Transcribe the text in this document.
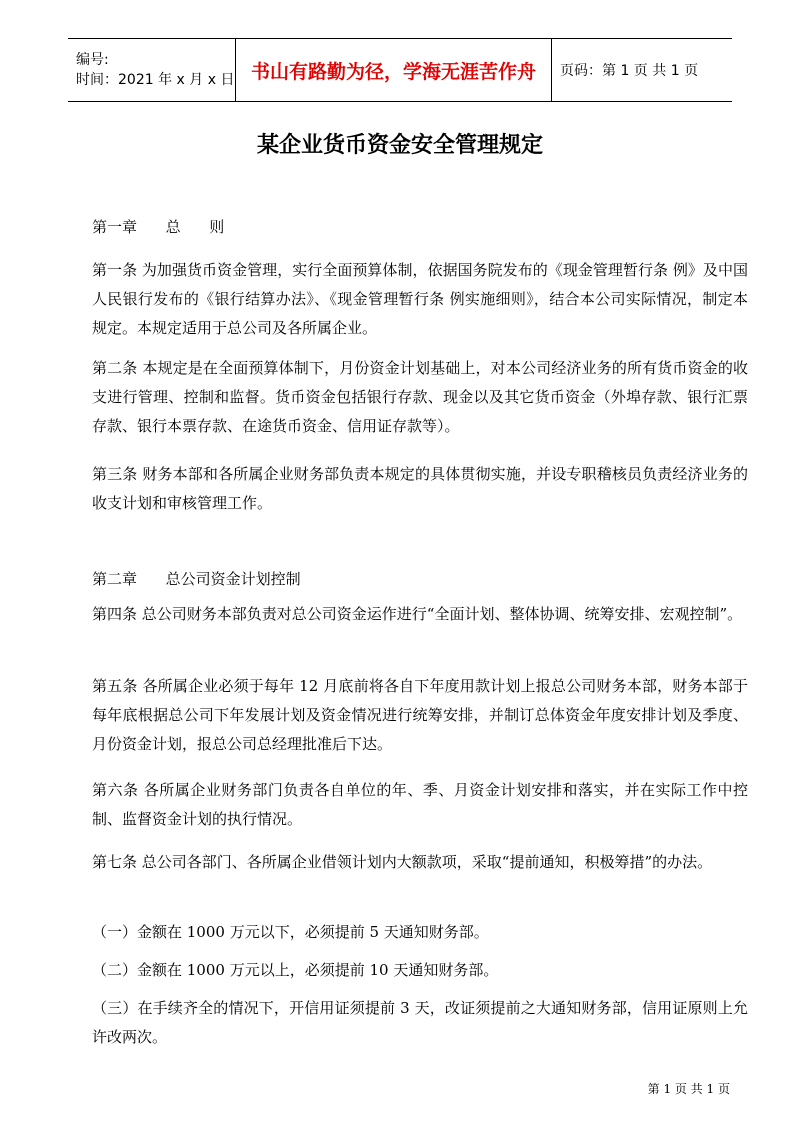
编号:
时间：2021 年 x 月 x 日 书山有路勤为径，学海无涯苦作舟	页码：第 1 页 共 1 页
某企业货币资金安全管理规定
第一章      总      则

第一条 为加强货币资金管理，实行全面预算体制，依据国务院发布的《现金管理暂行条 例》及中国人民银行发布的《银行结算办法》、《现金管理暂行条 例实施细则》，结合本公司实际情况，制定本规定。本规定适用于总公司及各所属企业。

第二条 本规定是在全面预算体制下，月份资金计划基础上，对本公司经济业务的所有货币资金的收支进行管理、控制和监督。货币资金包括银行存款、现金以及其它货币资金（外埠存款、银行汇票存款、银行本票存款、在途货币资金、信用证存款等）。

第三条 财务本部和各所属企业财务部负责本规定的具体贯彻实施，并设专职稽核员负责经济业务的收支计划和审核管理工作。

第二章      总公司资金计划控制

第四条 总公司财务本部负责对总公司资金运作进行“全面计划、整体协调、统筹安排、宏观控制”。

第五条 各所属企业必须于每年 12 月底前将各自下年度用款计划上报总公司财务本部，财务本部于每年底根据总公司下年发展计划及资金情况进行统筹安排，并制订总体资金年度安排计划及季度、月份资金计划，报总公司总经理批准后下达。

第六条 各所属企业财务部门负责各自单位的年、季、月资金计划安排和落实，并在实际工作中控制、监督资金计划的执行情况。

第七条 总公司各部门、各所属企业借领计划内大额款项，采取“提前通知，积极筹措”的办法。

（一）金额在 1000 万元以下，必须提前 5 天通知财务部。

（二）金额在 1000 万元以上，必须提前 10 天通知财务部。

（三）在手续齐全的情况下，开信用证须提前 3 天，改证须提前之大通知财务部，信用证原则上允许改两次。

第 1 页 共 1 页
